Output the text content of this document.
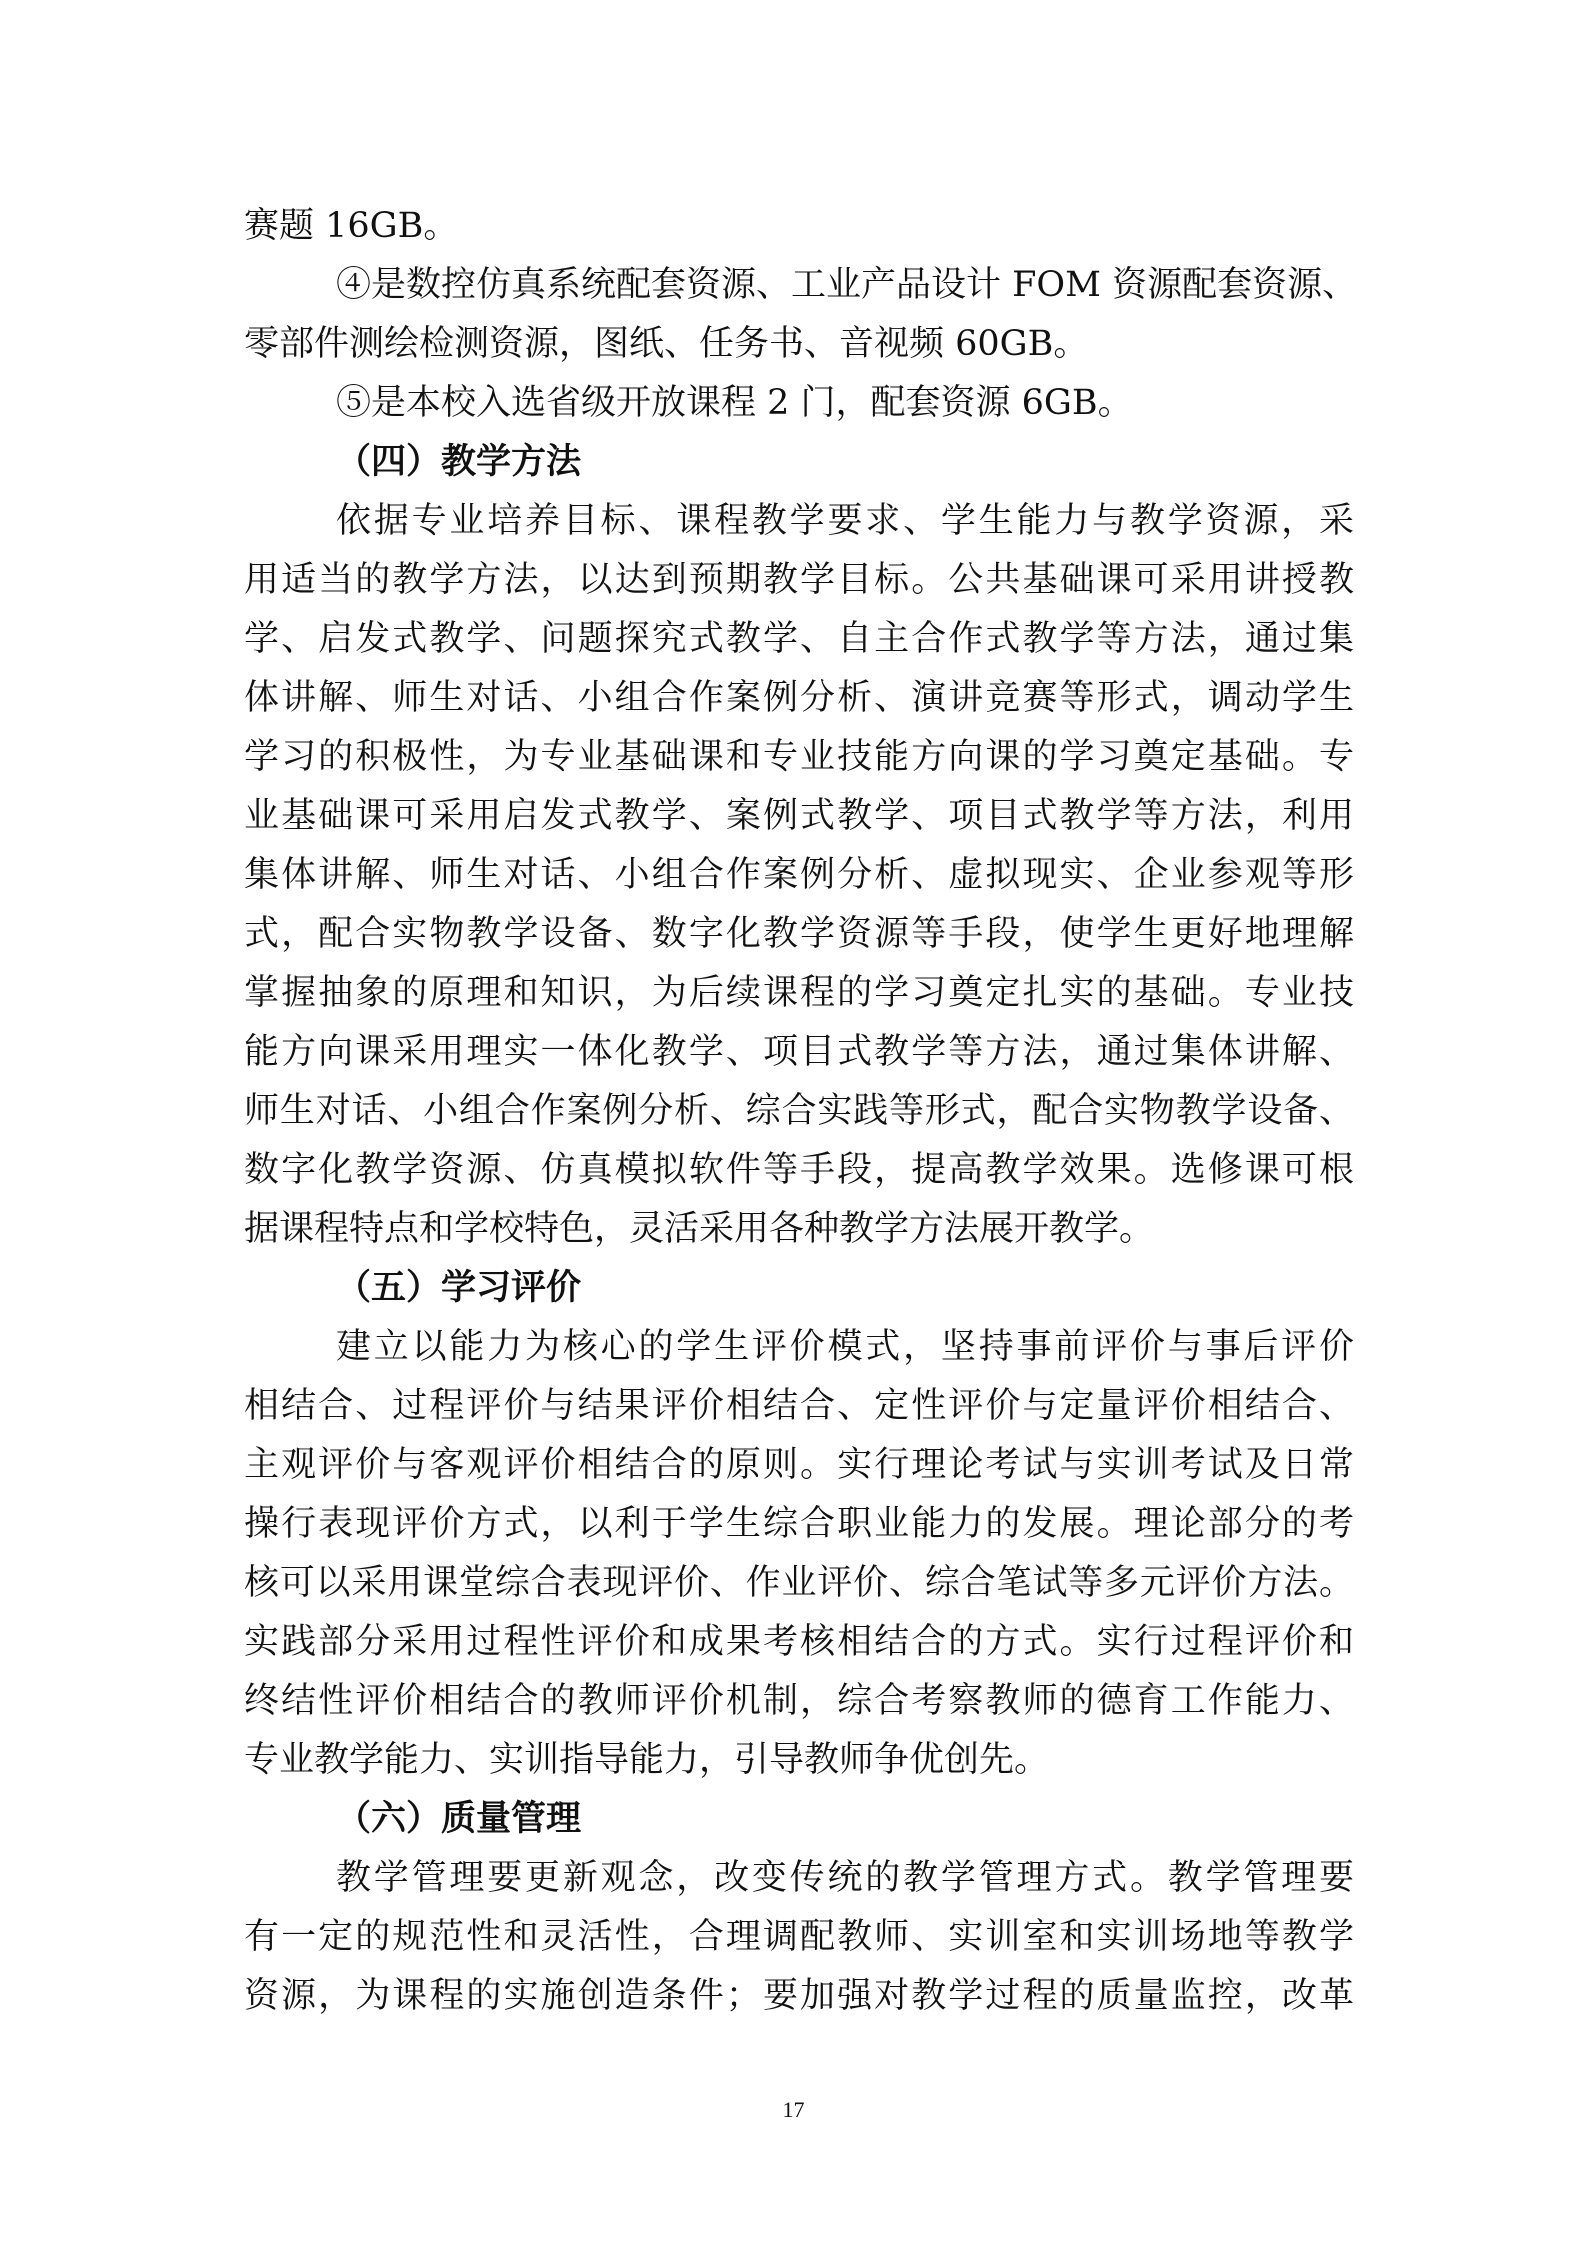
赛题 16GB。
④是数控仿真系统配套资源、工业产品设计 FOM 资源配套资源、
零部件测绘检测资源，图纸、任务书、音视频 60GB。
⑤是本校入选省级开放课程 2 门，配套资源 6GB。
（四）教学方法
依据专业培养目标、课程教学要求、学生能力与教学资源，采
用适当的教学方法，以达到预期教学目标。公共基础课可采用讲授教
学、启发式教学、问题探究式教学、自主合作式教学等方法，通过集
体讲解、师生对话、小组合作案例分析、演讲竞赛等形式，调动学生
学习的积极性，为专业基础课和专业技能方向课的学习奠定基础。专
业基础课可采用启发式教学、案例式教学、项目式教学等方法，利用
集体讲解、师生对话、小组合作案例分析、虚拟现实、企业参观等形
式，配合实物教学设备、数字化教学资源等手段，使学生更好地理解
掌握抽象的原理和知识，为后续课程的学习奠定扎实的基础。专业技
能方向课采用理实一体化教学、项目式教学等方法，通过集体讲解、
师生对话、小组合作案例分析、综合实践等形式，配合实物教学设备、
数字化教学资源、仿真模拟软件等手段，提高教学效果。选修课可根
据课程特点和学校特色，灵活采用各种教学方法展开教学。
（五）学习评价
建立以能力为核心的学生评价模式，坚持事前评价与事后评价
相结合、过程评价与结果评价相结合、定性评价与定量评价相结合、
主观评价与客观评价相结合的原则。实行理论考试与实训考试及日常
操行表现评价方式，以利于学生综合职业能力的发展。理论部分的考
核可以采用课堂综合表现评价、作业评价、综合笔试等多元评价方法。
实践部分采用过程性评价和成果考核相结合的方式。实行过程评价和
终结性评价相结合的教师评价机制，综合考察教师的德育工作能力、
专业教学能力、实训指导能力，引导教师争优创先。
（六）质量管理
教学管理要更新观念，改变传统的教学管理方式。教学管理要
有一定的规范性和灵活性，合理调配教师、实训室和实训场地等教学
资源，为课程的实施创造条件；要加强对教学过程的质量监控，改革
17
